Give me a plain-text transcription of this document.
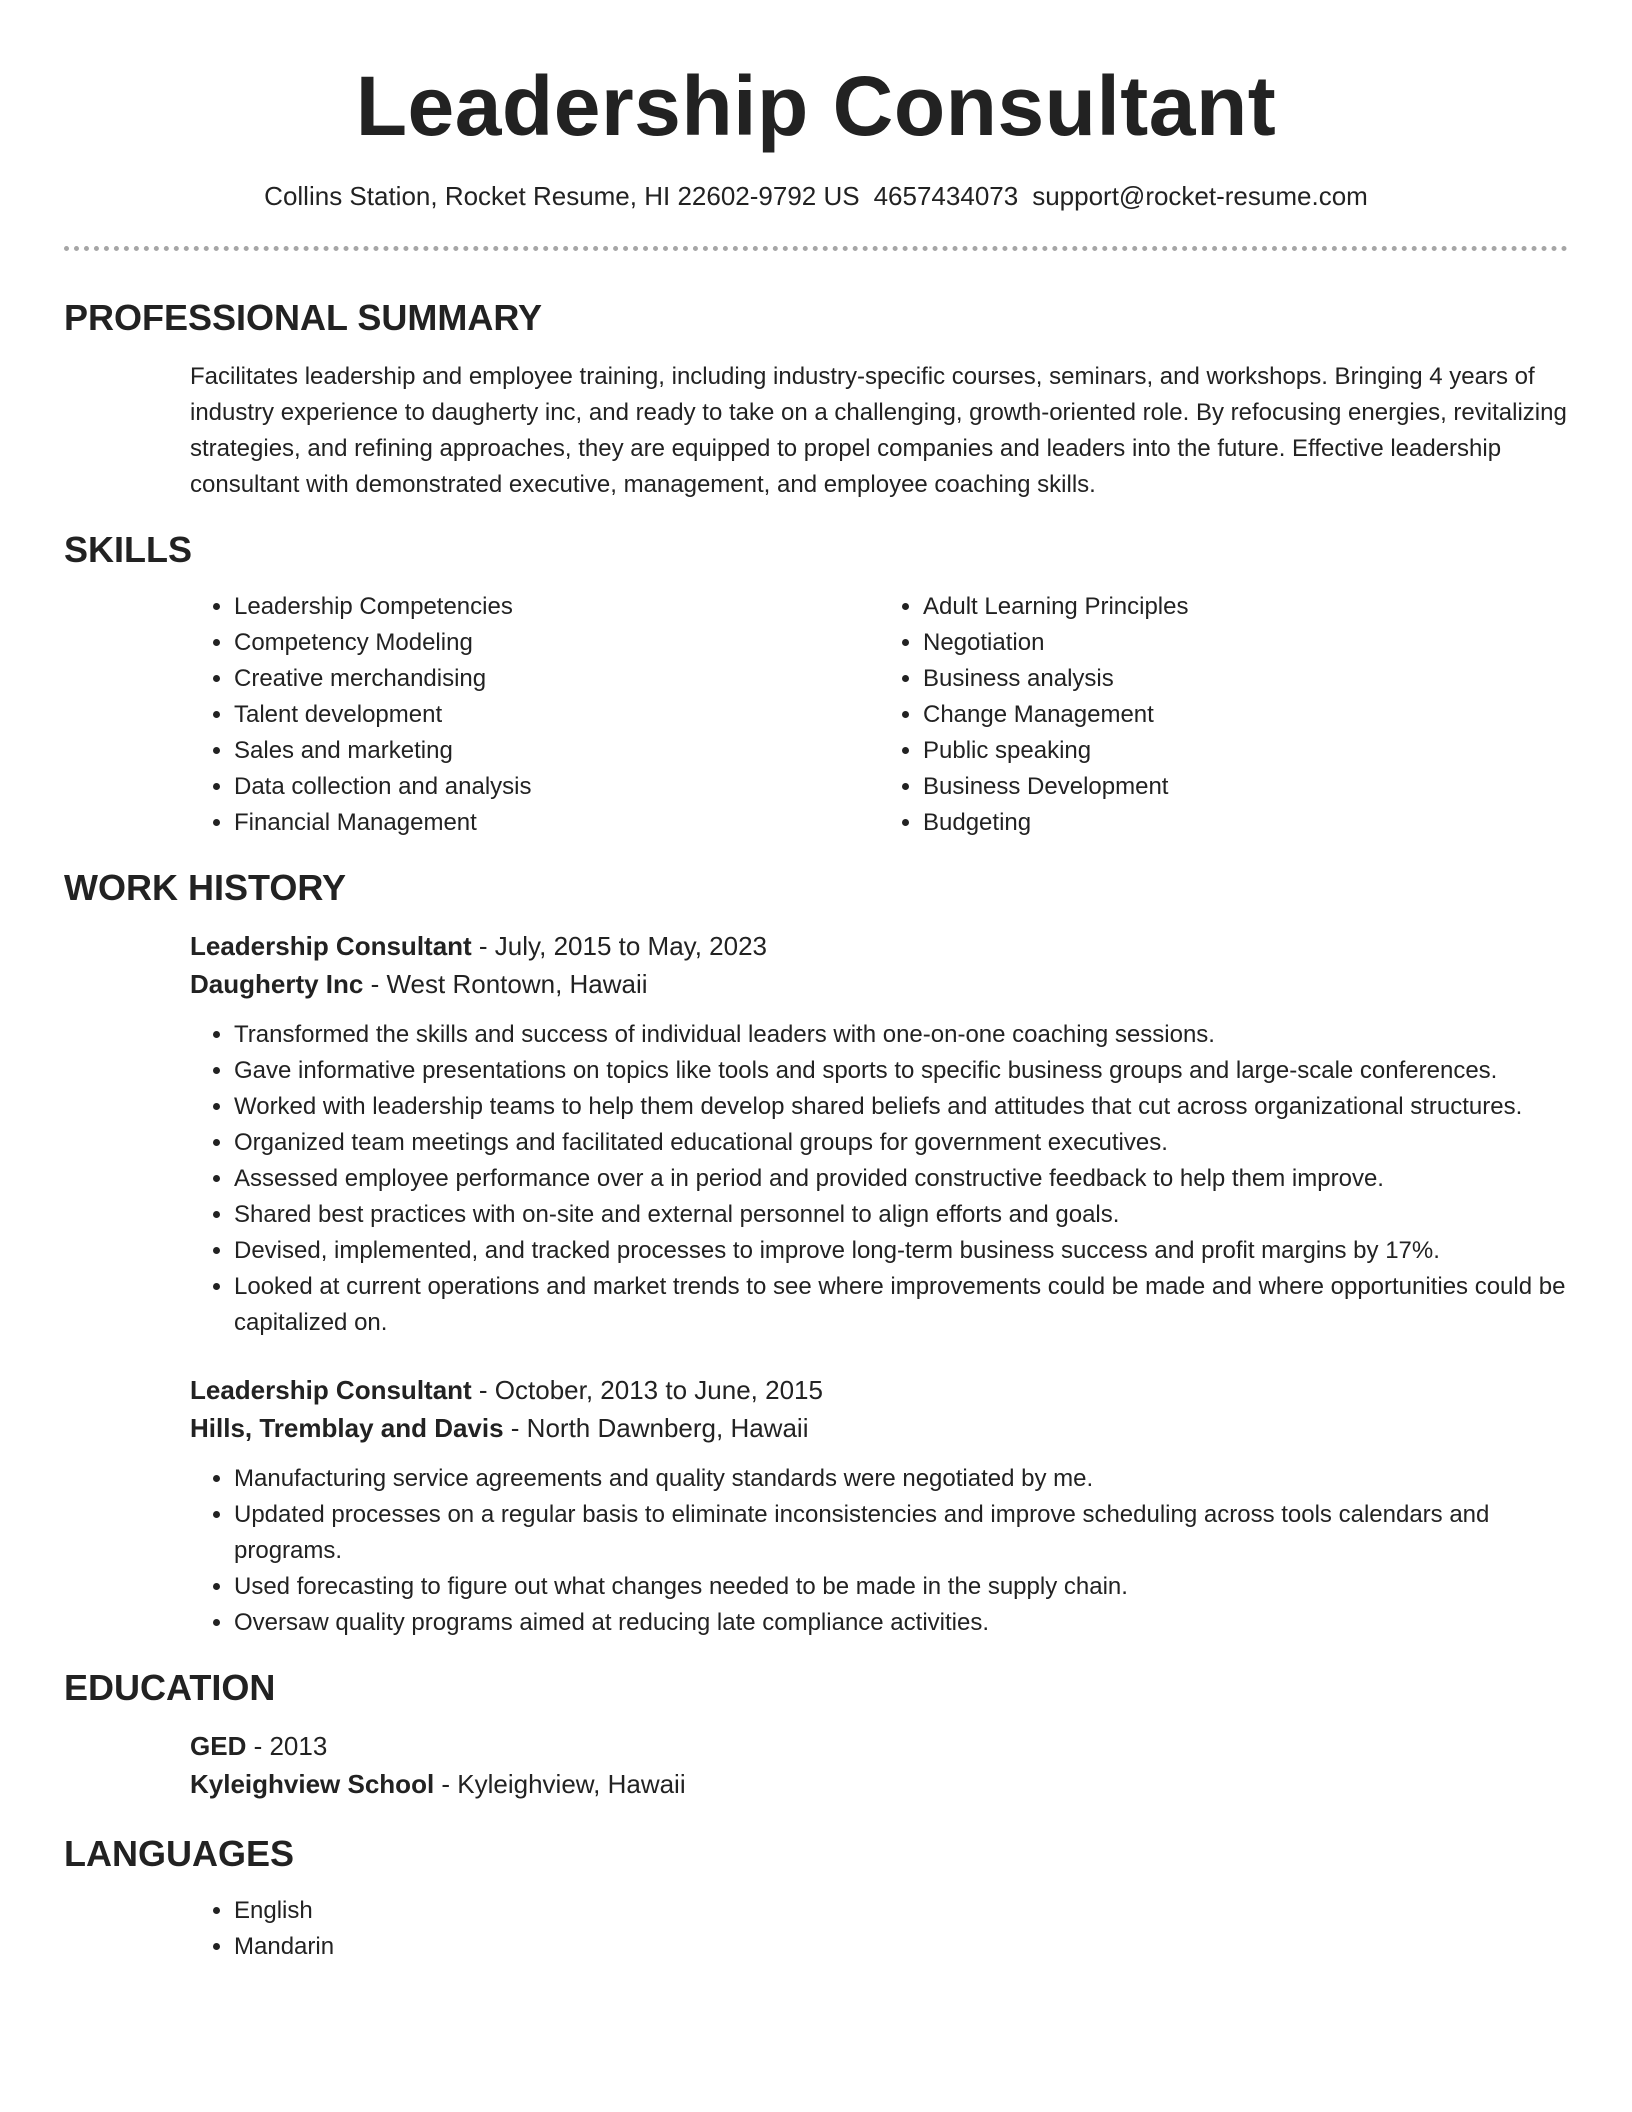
Leadership Consultant
Collins Station, Rocket Resume, HI 22602-9792 US 4657434073 support@rocket-resume.com
PROFESSIONAL SUMMARY

Facilitates leadership and employee training, including industry-specific courses, seminars, and workshops. Bringing 4 years of industry experience to daugherty inc, and ready to take on a challenging, growth-oriented role. By refocusing energies, revitalizing strategies, and refining approaches, they are equipped to propel companies and leaders into the future. Effective leadership consultant with demonstrated executive, management, and employee coaching skills.

SKILLS
• Leadership Competencies
• Competency Modeling
• Creative merchandising
• Talent development
• Sales and marketing
• Data collection and analysis
• Financial Management
• Adult Learning Principles
• Negotiation
• Business analysis
• Change Management
• Public speaking
• Business Development
• Budgeting
WORK HISTORY
Leadership Consultant - July, 2015 to May, 2023
Daugherty Inc - West Rontown, Hawaii
• Transformed the skills and success of individual leaders with one-on-one coaching sessions.
• Gave informative presentations on topics like tools and sports to specific business groups and large-scale conferences.
• Worked with leadership teams to help them develop shared beliefs and attitudes that cut across organizational structures.
• Organized team meetings and facilitated educational groups for government executives.
• Assessed employee performance over a in period and provided constructive feedback to help them improve.
• Shared best practices with on-site and external personnel to align efforts and goals.
• Devised, implemented, and tracked processes to improve long-term business success and profit margins by 17%.
• Looked at current operations and market trends to see where improvements could be made and where opportunities could be capitalized on.
Leadership Consultant - October, 2013 to June, 2015
Hills, Tremblay and Davis - North Dawnberg, Hawaii
• Manufacturing service agreements and quality standards were negotiated by me.
• Updated processes on a regular basis to eliminate inconsistencies and improve scheduling across tools calendars and programs.
• Used forecasting to figure out what changes needed to be made in the supply chain.
• Oversaw quality programs aimed at reducing late compliance activities.
EDUCATION
GED - 2013
Kyleighview School - Kyleighview, Hawaii
LANGUAGES
• English
• Mandarin
